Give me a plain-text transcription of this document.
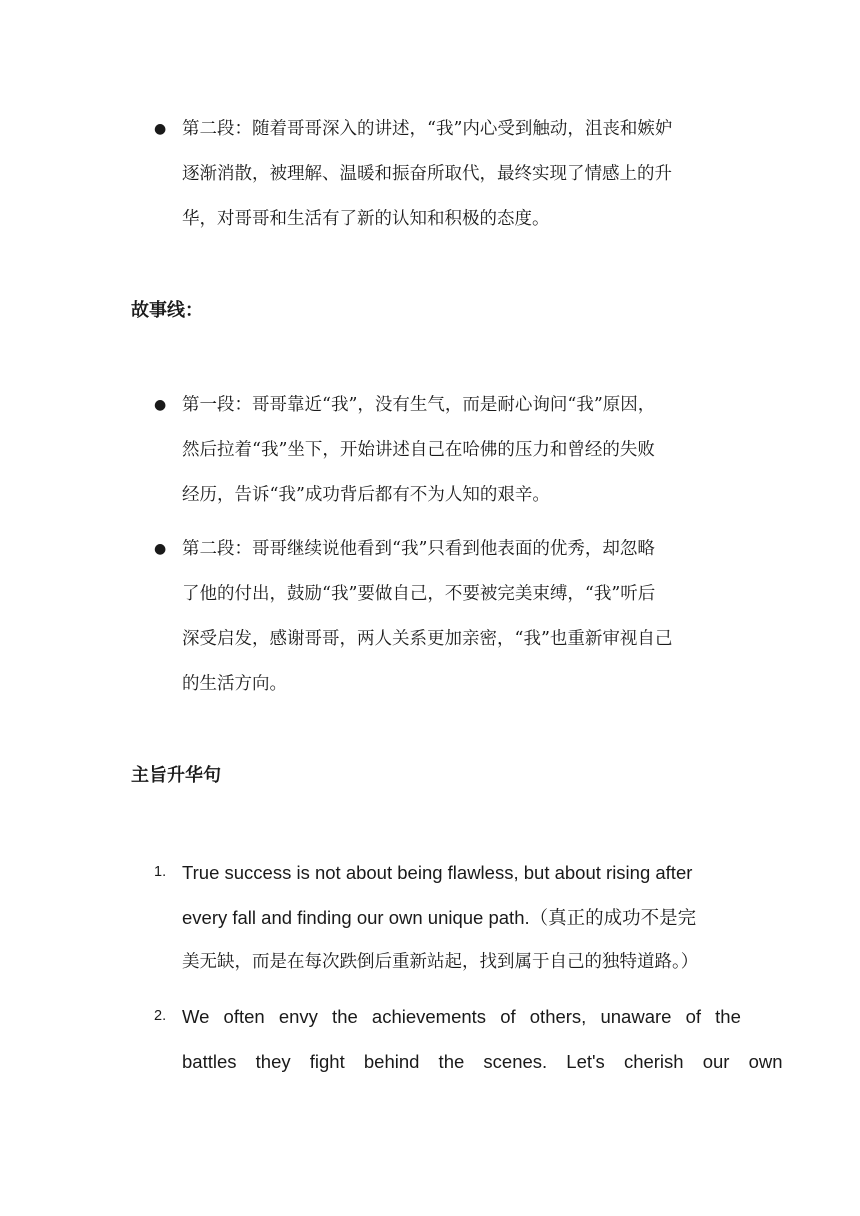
● 第二段：随着哥哥深入的讲述，“我”内心受到触动，沮丧和嫉妒
逐渐消散，被理解、温暖和振奋所取代，最终实现了情感上的升
华，对哥哥和生活有了新的认知和积极的态度。
故事线：
● 第一段：哥哥靠近“我”，没有生气，而是耐心询问“我”原因，
然后拉着“我”坐下，开始讲述自己在哈佛的压力和曾经的失败
经历，告诉“我”成功背后都有不为人知的艰辛。
● 第二段：哥哥继续说他看到“我”只看到他表面的优秀，却忽略
了他的付出，鼓励“我”要做自己，不要被完美束缚，“我”听后
深受启发，感谢哥哥，两人关系更加亲密，“我”也重新审视自己
的生活方向。
主旨升华句
1. True success is not about being flawless, but about rising after
every fall and finding our own unique path.（真正的成功不是完
美无缺，而是在每次跌倒后重新站起，找到属于自己的独特道路。）
2. We often envy the achievements of others, unaware of the
battles they fight behind the scenes. Let's cherish our own
